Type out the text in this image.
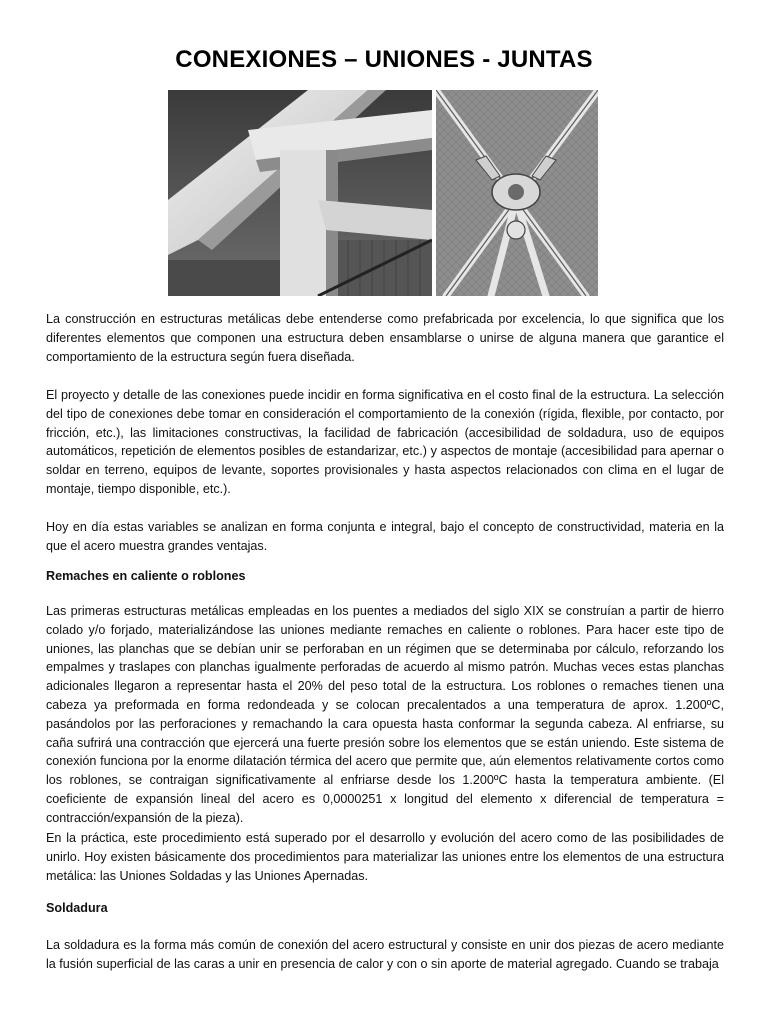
CONEXIONES – UNIONES - JUNTAS

La construcción en estructuras metálicas debe entenderse como prefabricada por excelencia, lo que significa que los diferentes elementos que componen una estructura deben ensamblarse o unirse de alguna manera que garantice el comportamiento de la estructura según fuera diseñada.

El proyecto y detalle de las conexiones puede incidir en forma significativa en el costo final de la estructura. La selección del tipo de conexiones debe tomar en consideración el comportamiento de la conexión (rígida, flexible, por contacto, por fricción, etc.), las limitaciones constructivas, la facilidad de fabricación (accesibilidad de soldadura, uso de equipos automáticos, repetición de elementos posibles de estandarizar, etc.) y aspectos de montaje (accesibilidad para apernar o soldar en terreno, equipos de levante, soportes provisionales y hasta aspectos relacionados con clima en el lugar de montaje, tiempo disponible, etc.).

Hoy en día estas variables se analizan en forma conjunta e integral, bajo el concepto de constructividad, materia en la que el acero muestra grandes ventajas.

Remaches en caliente o roblones

Las primeras estructuras metálicas empleadas en los puentes a mediados del siglo XIX se construían a partir de hierro colado y/o forjado, materializándose las uniones mediante remaches en caliente o roblones. Para hacer este tipo de uniones, las planchas que se debían unir se perforaban en un régimen que se determinaba por cálculo, reforzando los empalmes y traslapes con planchas igualmente perforadas de acuerdo al mismo patrón. Muchas veces estas planchas adicionales llegaron a representar hasta el 20% del peso total de la estructura. Los roblones o remaches tienen una cabeza ya preformada en forma redondeada y se colocan precalentados a una temperatura de aprox. 1.200ºC, pasándolos por las perforaciones y remachando la cara opuesta hasta conformar la segunda cabeza. Al enfriarse, su caña sufrirá una contracción que ejercerá una fuerte presión sobre los elementos que se están uniendo. Este sistema de conexión funciona por la enorme dilatación térmica del acero que permite que, aún elementos relativamente cortos como los roblones, se contraigan significativamente al enfriarse desde los 1.200ºC hasta la temperatura ambiente. (El coeficiente de expansión lineal del acero es 0,0000251 x longitud del elemento x diferencial de temperatura = contracción/expansión de la pieza).

En la práctica, este procedimiento está superado por el desarrollo y evolución del acero como de las posibilidades de unirlo. Hoy existen básicamente dos procedimientos para materializar las uniones entre los elementos de una estructura metálica: las Uniones Soldadas y las Uniones Apernadas.

Soldadura

La soldadura es la forma más común de conexión del acero estructural y consiste en unir dos piezas de acero mediante la fusión superficial de las caras a unir en presencia de calor y con o sin aporte de material agregado. Cuando se trabaja
